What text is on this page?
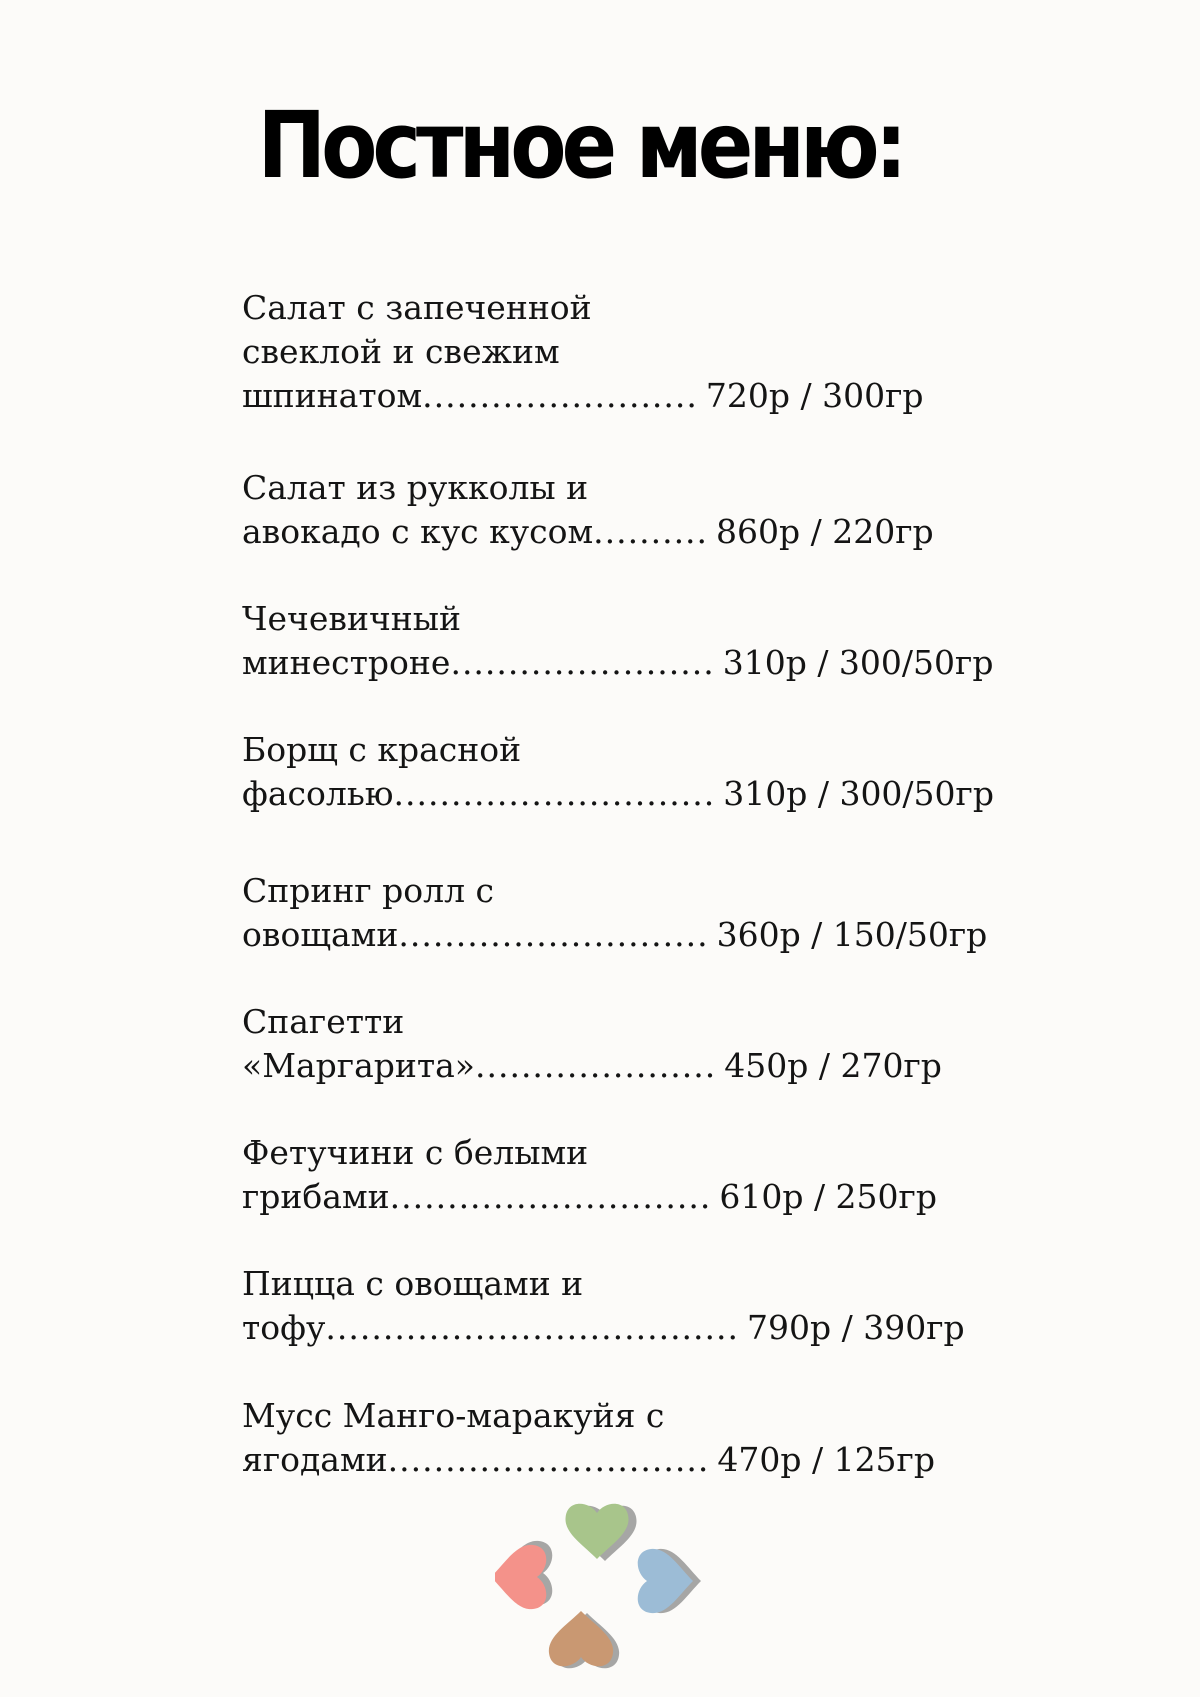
Постное меню:
Салат с запеченной
свеклой и свежим
шпинатом ........................ 720р / 300гр
Салат из рукколы и
авокадо с кус кусом .......... 860р / 220гр
Чечевичный
минестроне ....................... 310р / 300/50гр
Борщ с красной
фасолью ............................ 310р / 300/50гр
Спринг ролл с
овощами ........................... 360р / 150/50гр
Спагетти
«Маргарита» ..................... 450р / 270гр
Фетучини с белыми
грибами ............................ 610р / 250гр
Пицца с овощами и
тофу .................................... 790р / 390гр
Мусс Манго-маракуйя с
ягодами ............................ 470р / 125гр
